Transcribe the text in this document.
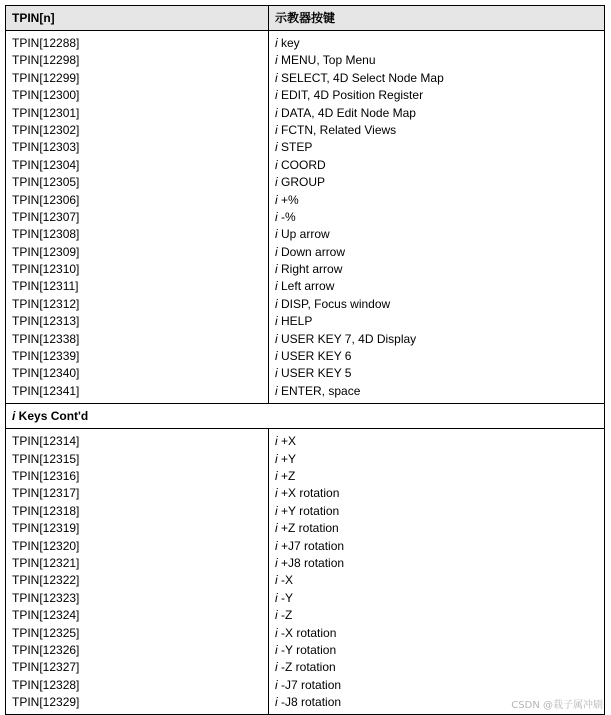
TPIN[n]	示教器按键
TPIN[12288]
TPIN[12298]
TPIN[12299]
TPIN[12300]
TPIN[12301]
TPIN[12302]
TPIN[12303]
TPIN[12304]
TPIN[12305]
TPIN[12306]
TPIN[12307]
TPIN[12308]
TPIN[12309]
TPIN[12310]
TPIN[12311]
TPIN[12312]
TPIN[12313]
TPIN[12338]
TPIN[12339]
TPIN[12340]
TPIN[12341]
i key
i MENU, Top Menu
i SELECT, 4D Select Node Map
i EDIT, 4D Position Register
i DATA, 4D Edit Node Map
i FCTN, Related Views
i STEP
i COORD
i GROUP
i +%
i -%
i Up arrow
i Down arrow
i Right arrow
i Left arrow
i DISP, Focus window
i HELP
i USER KEY 7, 4D Display
i USER KEY 6
i USER KEY 5
i ENTER, space
i Keys Cont'd
TPIN[12314]
TPIN[12315]
TPIN[12316]
TPIN[12317]
TPIN[12318]
TPIN[12319]
TPIN[12320]
TPIN[12321]
TPIN[12322]
TPIN[12323]
TPIN[12324]
TPIN[12325]
TPIN[12326]
TPIN[12327]
TPIN[12328]
TPIN[12329]
i +X
i +Y
i +Z
i +X rotation
i +Y rotation
i +Z rotation
i +J7 rotation
i +J8 rotation
i -X
i -Y
i -Z
i -X rotation
i -Y rotation
i -Z rotation
i -J7 rotation
i -J8 rotation	CSDN @栽子属冲刷
